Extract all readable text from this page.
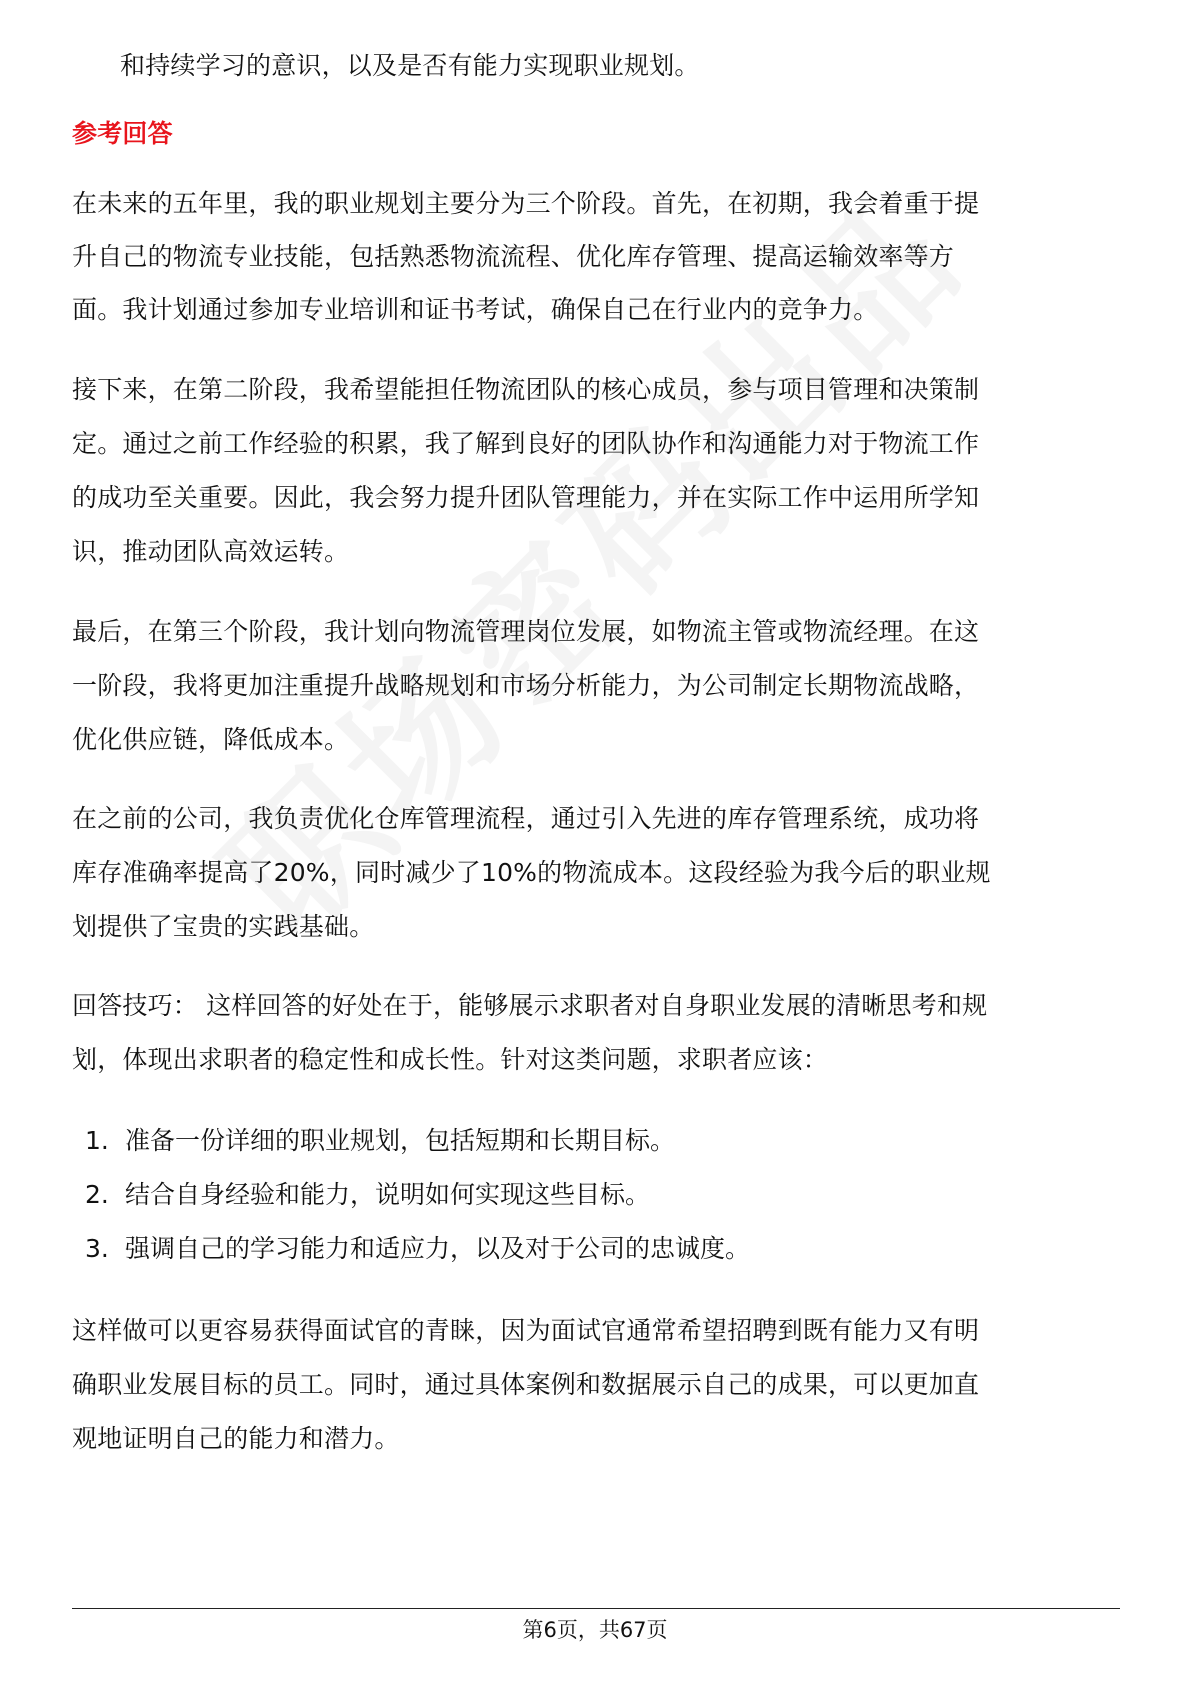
和持续学习的意识，以及是否有能力实现职业规划。
参考回答
在未来的五年里，我的职业规划主要分为三个阶段。首先，在初期，我会着重于提
升自己的物流专业技能，包括熟悉物流流程、优化库存管理、提高运输效率等方
面。我计划通过参加专业培训和证书考试，确保自己在行业内的竞争力。
接下来，在第二阶段，我希望能担任物流团队的核心成员，参与项目管理和决策制
定。通过之前工作经验的积累，我了解到良好的团队协作和沟通能力对于物流工作
的成功至关重要。因此，我会努力提升团队管理能力，并在实际工作中运用所学知
识，推动团队高效运转。
最后，在第三个阶段，我计划向物流管理岗位发展，如物流主管或物流经理。在这
一阶段，我将更加注重提升战略规划和市场分析能力，为公司制定长期物流战略，
优化供应链，降低成本。
在之前的公司，我负责优化仓库管理流程，通过引入先进的库存管理系统，成功将
库存准确率提高了20%，同时减少了10%的物流成本。这段经验为我今后的职业规
划提供了宝贵的实践基础。
回答技巧： 这样回答的好处在于，能够展示求职者对自身职业发展的清晰思考和规
划，体现出求职者的稳定性和成长性。针对这类问题，求职者应该：
1. 准备一份详细的职业规划，包括短期和长期目标。
2. 结合自身经验和能力，说明如何实现这些目标。
3. 强调自己的学习能力和适应力，以及对于公司的忠诚度。
这样做可以更容易获得面试官的青睐，因为面试官通常希望招聘到既有能力又有明
确职业发展目标的员工。同时，通过具体案例和数据展示自己的成果，可以更加直
观地证明自己的能力和潜力。
第6页，共67页
